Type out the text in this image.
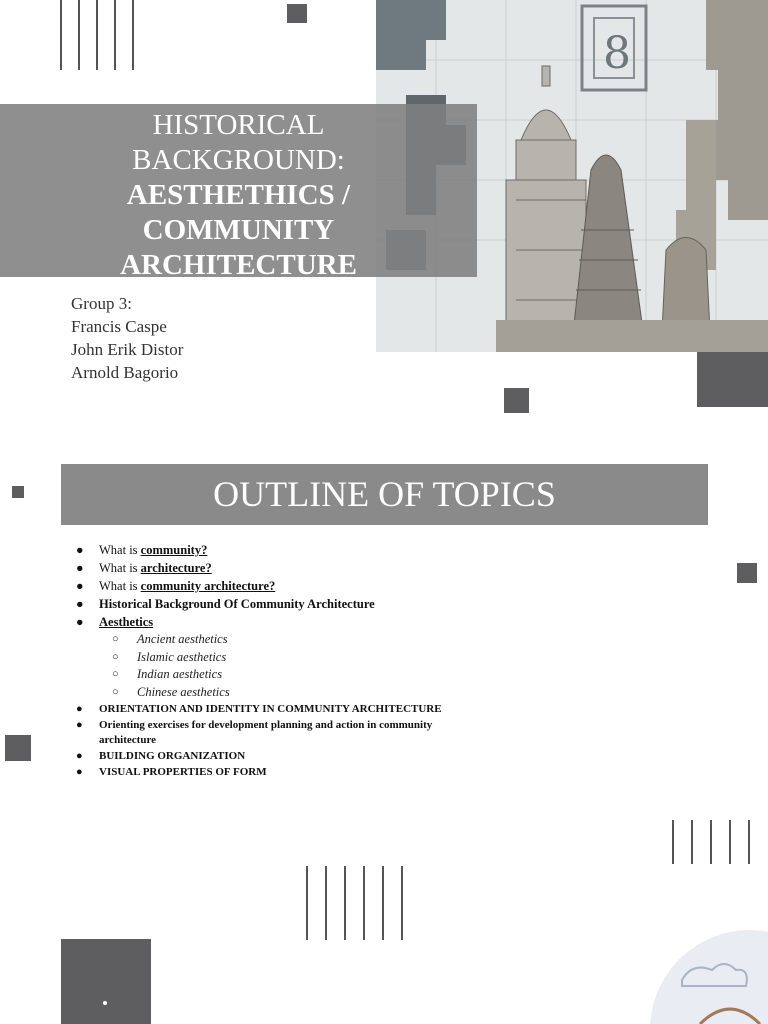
8
HISTORICAL
BACKGROUND:
AESTHETHICS /
COMMUNITY
ARCHITECTURE
Group 3:
Francis Caspe
John Erik Distor
Arnold Bagorio
OUTLINE OF TOPICS
● What is community?
● What is architecture?
● What is community architecture?
● Historical Background Of Community Architecture
● Aesthetics
○ Ancient aesthetics
○ Islamic aesthetics
○ Indian aesthetics
○ Chinese aesthetics
● ORIENTATION AND IDENTITY IN COMMUNITY ARCHITECTURE
● Orienting exercises for development planning and action in community architecture
● BUILDING ORGANIZATION
● VISUAL PROPERTIES OF FORM
